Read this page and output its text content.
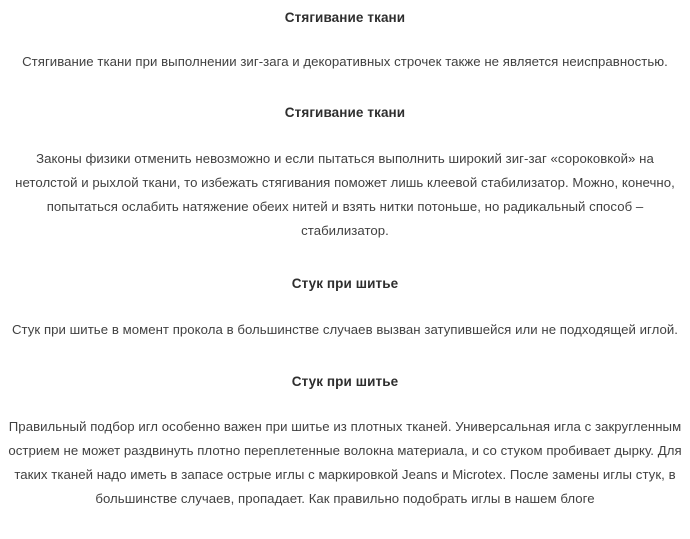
Стягивание ткани
Стягивание ткани при выполнении зиг-зага и декоративных строчек также не является неисправностью.
Стягивание ткани
Законы физики отменить невозможно и если пытаться выполнить широкий зиг-заг «сороковкой» на нетолстой и рыхлой ткани, то избежать стягивания поможет лишь клеевой стабилизатор. Можно, конечно, попытаться ослабить натяжение обеих нитей и взять нитки потоньше, но радикальный способ – стабилизатор.
Стук при шитье
Стук при шитье в момент прокола в большинстве случаев вызван затупившейся или не подходящей иглой.
Стук при шитье
Правильный подбор игл особенно важен при шитье из плотных тканей. Универсальная игла с закругленным острием не может раздвинуть плотно переплетенные волокна материала, и со стуком пробивает дырку. Для таких тканей надо иметь в запасе острые иглы с маркировкой Jeans и Microtex. После замены иглы стук, в большинстве случаев, пропадает. Как правильно подобрать иглы в нашем блоге
